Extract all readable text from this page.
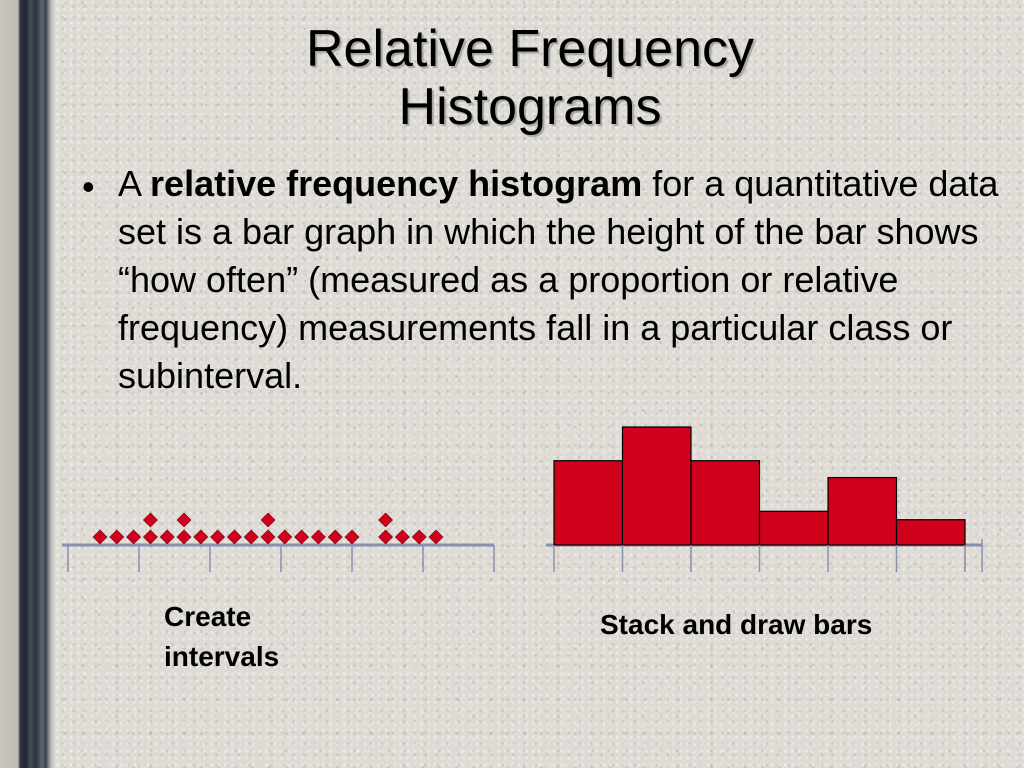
Relative Frequency
Histograms
• A relative frequency histogram for a quantitative data set is a bar graph in which the height of the bar shows “how often” (measured as a proportion or relative frequency) measurements fall in a particular class or subinterval.
Create intervals
Stack and draw bars
